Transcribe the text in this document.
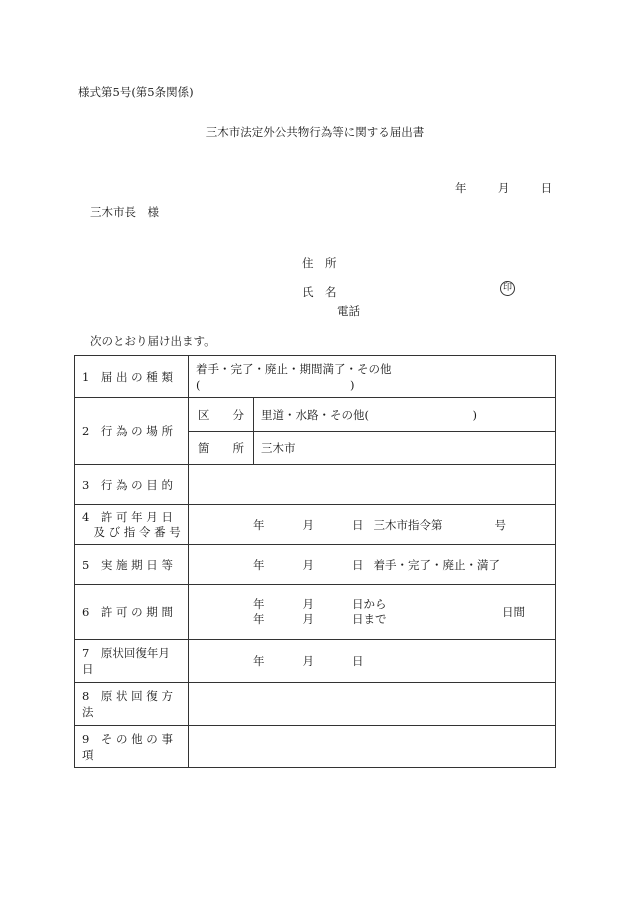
様式第5号(第5条関係)
三木市法定外公共物行為等に関する届出書
年	月	日
三木市長　様
住　所
氏　名	印
電話
次のとおり届け出ます。
1　届 出 の 種 類	着手・完了・廃止・期間満了・その他(　　　　　　　　　　　　　)	
2　行 為 の 場 所	区　　分	里道・水路・その他(　　　　　　　　　)
	箇　　所	三木市
3　行 為 の 目 的		

4　許 可 年 月 日
　及 び 指 令 番 号	年 月 日 三木市指令第 号	
5　実 施 期 日 等	年 月 日 着手・完了・廃止・満了	
6　許 可 の 期 間	年 月 日から
年 月 日まで 日間	

7　原状回復年月日	年 月 日	
8　原 状 回 復 方 法		
9　そ の 他 の 事 項		
